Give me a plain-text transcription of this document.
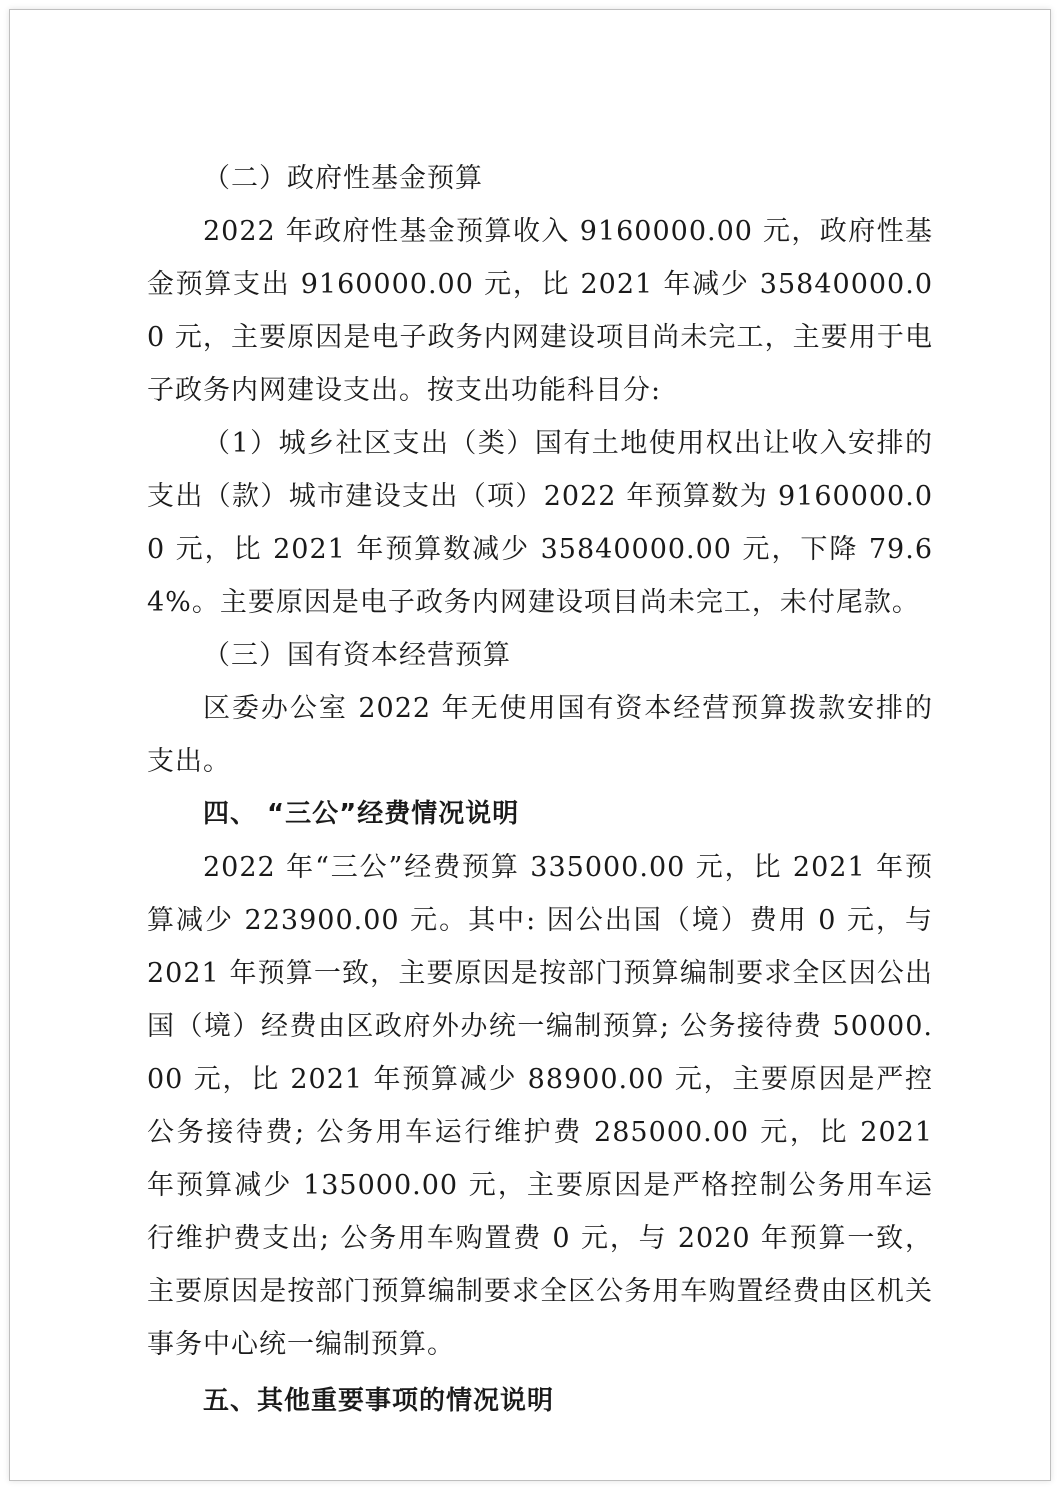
（二）政府性基金预算

2022 年政府性基金预算收入 9160000.00 元，政府性基金预算支出 9160000.00 元，比 2021 年减少 35840000.00 元，主要原因是电子政务内网建设项目尚未完工，主要用于电子政务内网建设支出。按支出功能科目分:

（1）城乡社区支出（类）国有土地使用权出让收入安排的支出（款）城市建设支出（项）2022 年预算数为 9160000.00 元，比 2021 年预算数减少 35840000.00 元，下降 79.64%。主要原因是电子政务内网建设项目尚未完工，未付尾款。

（三）国有资本经营预算

区委办公室 2022 年无使用国有资本经营预算拨款安排的支出。

四、 “三公”经费情况说明

2022 年“三公”经费预算 335000.00 元，比 2021 年预算减少 223900.00 元。其中: 因公出国（境）费用 0 元，与 2021 年预算一致，主要原因是按部门预算编制要求全区因公出国（境）经费由区政府外办统一编制预算; 公务接待费 50000.00 元，比 2021 年预算减少 88900.00 元，主要原因是严控公务接待费; 公务用车运行维护费 285000.00 元，比 2021 年预算减少 135000.00 元，主要原因是严格控制公务用车运行维护费支出; 公务用车购置费 0 元，与 2020 年预算一致，主要原因是按部门预算编制要求全区公务用车购置经费由区机关事务中心统一编制预算。

五、其他重要事项的情况说明
